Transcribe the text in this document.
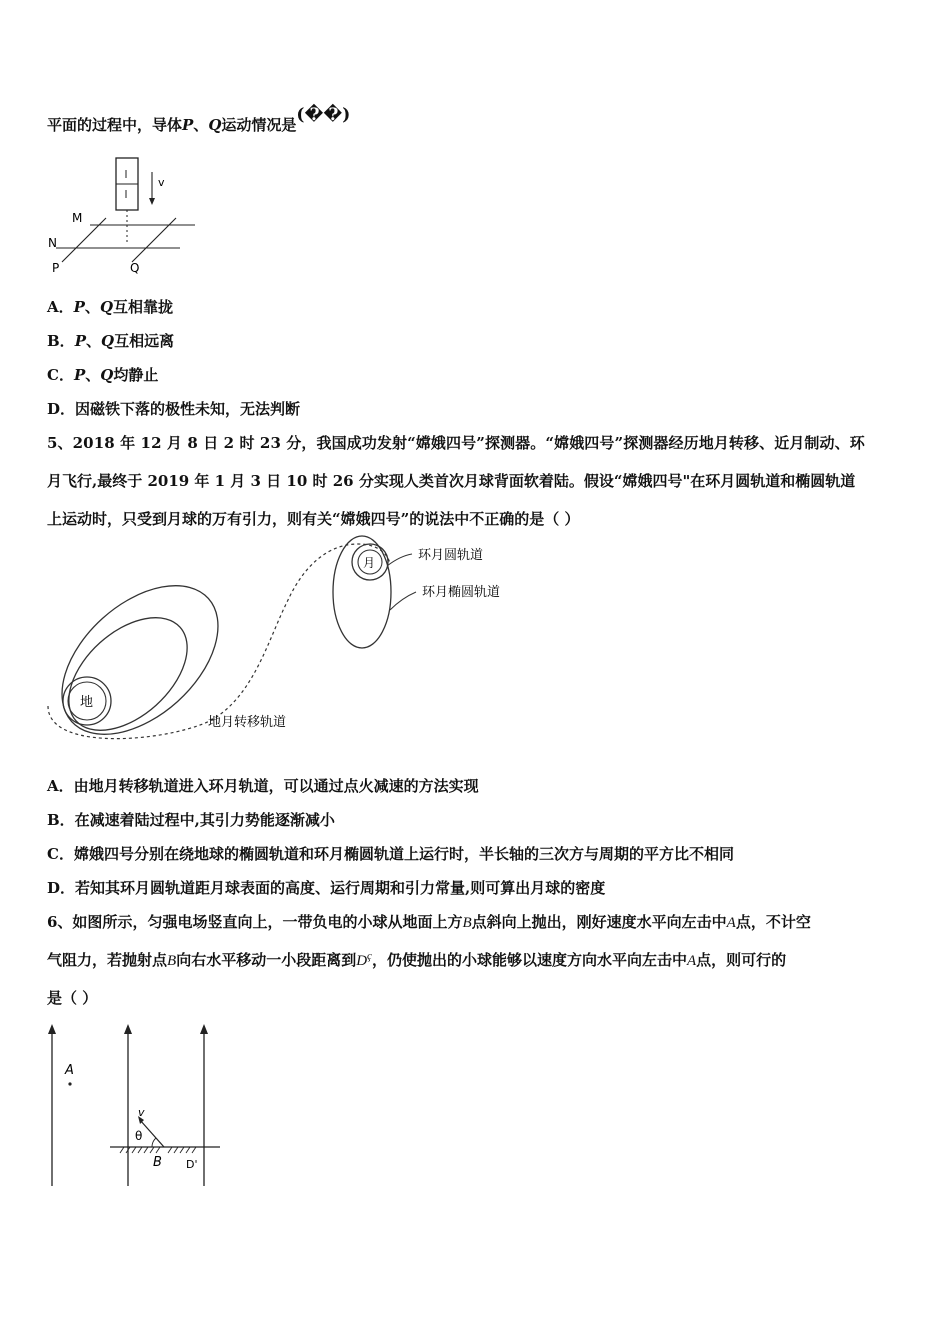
平面的过程中，导体P、Q运动情况是(��)
v
M
N
P	Q
A．P、Q互相靠拢
B．P、Q互相远离
C．P、Q均静止
D．因磁铁下落的极性未知，无法判断
5、2018 年 12 月 8 日 2 时 23 分，我国成功发射“嫦娥四号”探测器。“嫦娥四号”探测器经历地月转移、近月制动、环
月飞行,最终于 2019 年 1 月 3 日 10 时 26 分实现人类首次月球背面软着陆。假设“嫦娥四号"在环月圆轨道和椭圆轨道
上运动时，只受到月球的万有引力，则有关“嫦娥四号”的说法中不正确的是（ ）
地
月	环月圆轨道
环月椭圆轨道
地月转移轨道
A．由地月转移轨道进入环月轨道，可以通过点火减速的方法实现
B．在减速着陆过程中,其引力势能逐渐减小
C．嫦娥四号分别在绕地球的椭圆轨道和环月椭圆轨道上运行时，半长轴的三次方与周期的平方比不相同
D．若知其环月圆轨道距月球表面的高度、运行周期和引力常量,则可算出月球的密度
6、如图所示，匀强电场竖直向上，一带负电的小球从地面上方B点斜向上抛出，刚好速度水平向左击中A点，不计空
气阻力，若抛射点B向右水平移动一小段距离到$D^ç$，仍使抛出的小球能够以速度方向水平向左击中A点，则可行的
是（ ）
A
v
θ
B D'
